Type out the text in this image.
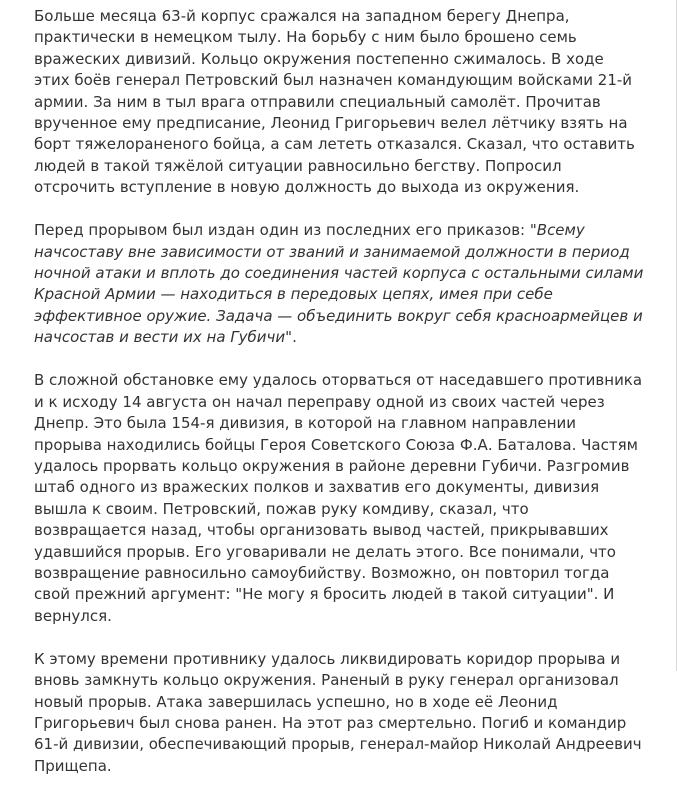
Больше месяца 63-й корпус сражался на западном берегу Днепра, практически в немецком тылу. На борьбу с ним было брошено семь вражеских дивизий. Кольцо окружения постепенно сжималось. В ходе этих боёв генерал Петровский был назначен командующим войсками 21-й армии. За ним в тыл врага отправили специальный самолёт. Прочитав врученное ему предписание, Леонид Григорьевич велел лётчику взять на борт тяжелораненого бойца, а сам лететь отказался. Сказал, что оставить людей в такой тяжёлой ситуации равносильно бегству. Попросил отсрочить вступление в новую должность до выхода из окружения.

Перед прорывом был издан один из последних его приказов: "Всему начсоставу вне зависимости от званий и занимаемой должности в период ночной атаки и вплоть до соединения частей корпуса с остальными силами Красной Армии — находиться в передовых цепях, имея при себе эффективное оружие. Задача — объединить вокруг себя красноармейцев и начсостав и вести их на Губичи".

В сложной обстановке ему удалось оторваться от наседавшего противника и к исходу 14 августа он начал переправу одной из своих частей через Днепр. Это была 154-я дивизия, в которой на главном направлении прорыва находились бойцы Героя Советского Союза Ф.А. Баталова. Частям удалось прорвать кольцо окружения в районе деревни Губичи. Разгромив штаб одного из вражеских полков и захватив его документы, дивизия вышла к своим. Петровский, пожав руку комдиву, сказал, что возвращается назад, чтобы организовать вывод частей, прикрывавших удавшийся прорыв. Его уговаривали не делать этого. Все понимали, что возвращение равносильно самоубийству. Возможно, он повторил тогда свой прежний аргумент: "Не могу я бросить людей в такой ситуации". И вернулся.

К этому времени противнику удалось ликвидировать коридор прорыва и вновь замкнуть кольцо окружения. Раненый в руку генерал организовал новый прорыв. Атака завершилась успешно, но в ходе её Леонид Григорьевич был снова ранен. На этот раз смертельно. Погиб и командир 61-й дивизии, обеспечивающий прорыв, генерал-майор Николай Андреевич Прищепа.
